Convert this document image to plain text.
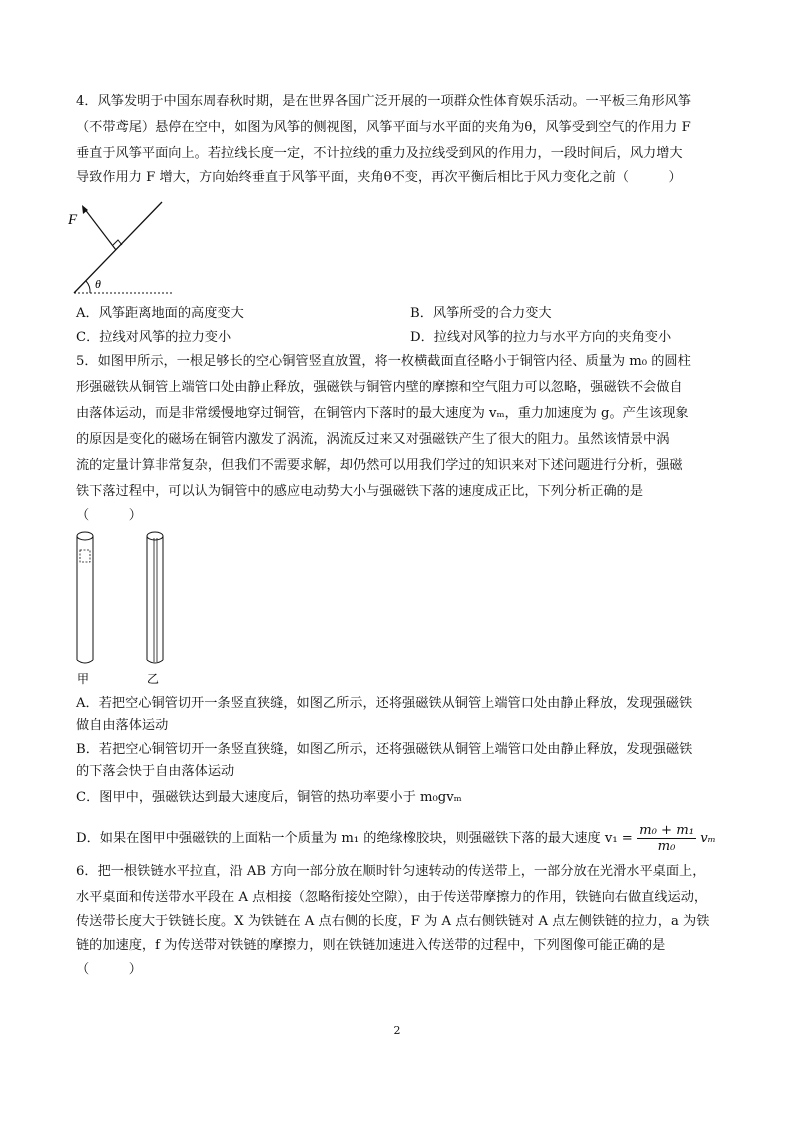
4．风筝发明于中国东周春秋时期，是在世界各国广泛开展的一项群众性体育娱乐活动。一平板三角形风筝
（不带鸢尾）悬停在空中，如图为风筝的侧视图，风筝平面与水平面的夹角为θ，风筝受到空气的作用力 F
垂直于风筝平面向上。若拉线长度一定，不计拉线的重力及拉线受到风的作用力，一段时间后，风力增大
导致作用力 F 增大，方向始终垂直于风筝平面，夹角θ不变，再次平衡后相比于风力变化之前（　　　）
F
θ
A．风筝距离地面的高度变大	B．风筝所受的合力变大
C．拉线对风筝的拉力变小	D．拉线对风筝的拉力与水平方向的夹角变小
5．如图甲所示，一根足够长的空心铜管竖直放置，将一枚横截面直径略小于铜管内径、质量为 m₀ 的圆柱
形强磁铁从铜管上端管口处由静止释放，强磁铁与铜管内壁的摩擦和空气阻力可以忽略，强磁铁不会做自
由落体运动，而是非常缓慢地穿过铜管，在铜管内下落时的最大速度为 vₘ，重力加速度为 g。产生该现象
的原因是变化的磁场在铜管内激发了涡流，涡流反过来又对强磁铁产生了很大的阻力。虽然该情景中涡
流的定量计算非常复杂，但我们不需要求解，却仍然可以用我们学过的知识来对下述问题进行分析，强磁
铁下落过程中，可以认为铜管中的感应电动势大小与强磁铁下落的速度成正比，下列分析正确的是
（　　　）
甲	乙
A．若把空心铜管切开一条竖直狭缝，如图乙所示，还将强磁铁从铜管上端管口处由静止释放，发现强磁铁
做自由落体运动
B．若把空心铜管切开一条竖直狭缝，如图乙所示，还将强磁铁从铜管上端管口处由静止释放，发现强磁铁
的下落会快于自由落体运动
C．图甲中，强磁铁达到最大速度后，铜管的热功率要小于 m₀gvₘ
D．如果在图甲中强磁铁的上面粘一个质量为 m₁ 的绝缘橡胶块，则强磁铁下落的最大速度 $v_1 = \frac{\text{m₀ + m₁}}{\text{m₀}}$ vₘ
6．把一根铁链水平拉直，沿 AB 方向一部分放在顺时针匀速转动的传送带上，一部分放在光滑水平桌面上，
水平桌面和传送带水平段在 A 点相接（忽略衔接处空隙），由于传送带摩擦力的作用，铁链向右做直线运动，
传送带长度大于铁链长度。X 为铁链在 A 点右侧的长度，F 为 A 点右侧铁链对 A 点左侧铁链的拉力，a 为铁
链的加速度，f 为传送带对铁链的摩擦力，则在铁链加速进入传送带的过程中，下列图像可能正确的是
（　　　）
2
